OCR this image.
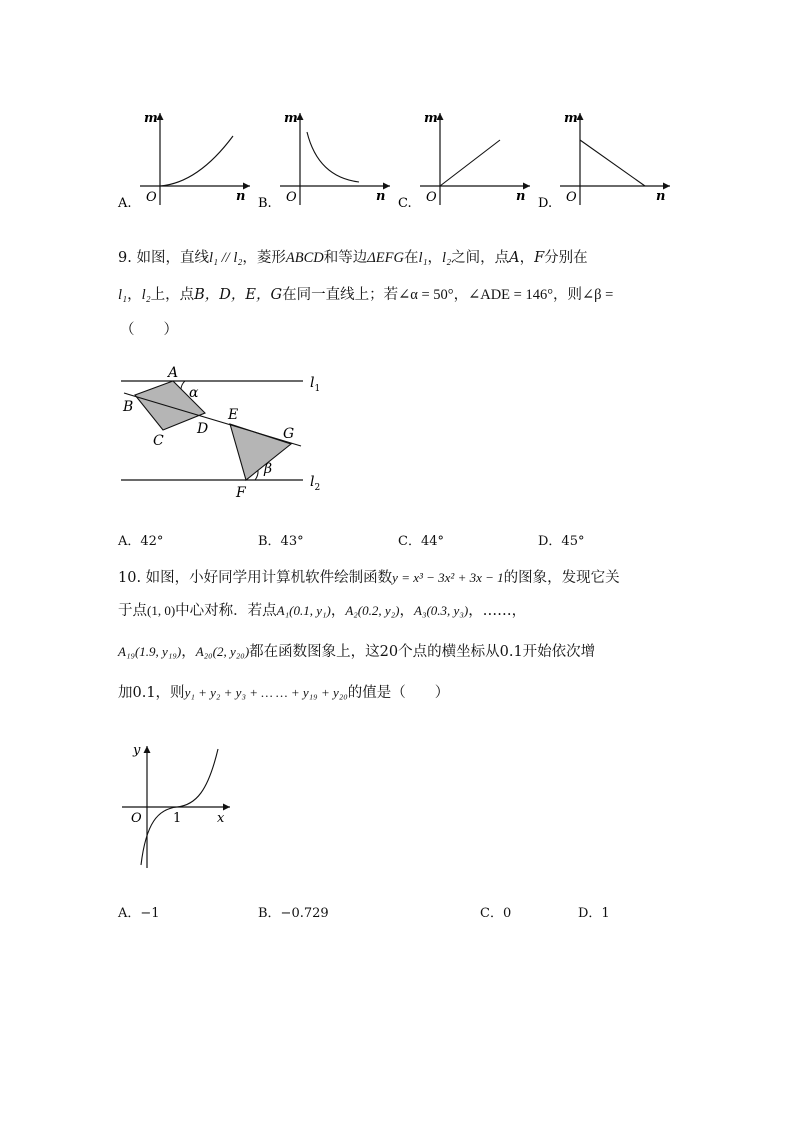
m
n
O
A.
m
n
O
B.
m
n
O
C.
m
n
O
D.
9. 如图，直线l₁ // l₂，菱形ABCD和等边ΔEFG在l₁，l₂之间，点A，F分别在
l₁，l₂上，点B，D，E，G在同一直线上；若∠α = 50°，∠ADE = 146°，则∠β =
（　　）
A
B
C
D
E
G
F
α
β
$l_1$
$l_2$
A．42°	B．43°	C．44°	D．45°
10. 如图，小好同学用计算机软件绘制函数y = x³ − 3x² + 3x − 1的图象，发现它关
于点(1, 0)中心对称．若点A₁(0.1, y₁)，A₂(0.2, y₂)，A₃(0.3, y₃)，……，
A₁₉(1.9, y₁₉)，A₂₀(2, y₂₀)都在函数图象上，这20个点的横坐标从0.1开始依次增
加0.1，则y₁ + y₂ + y₃ + … … + y₁₉ + y₂₀的值是（　　）
y
x
O 1
A．−1	B．−0.729	C．0	D．1
